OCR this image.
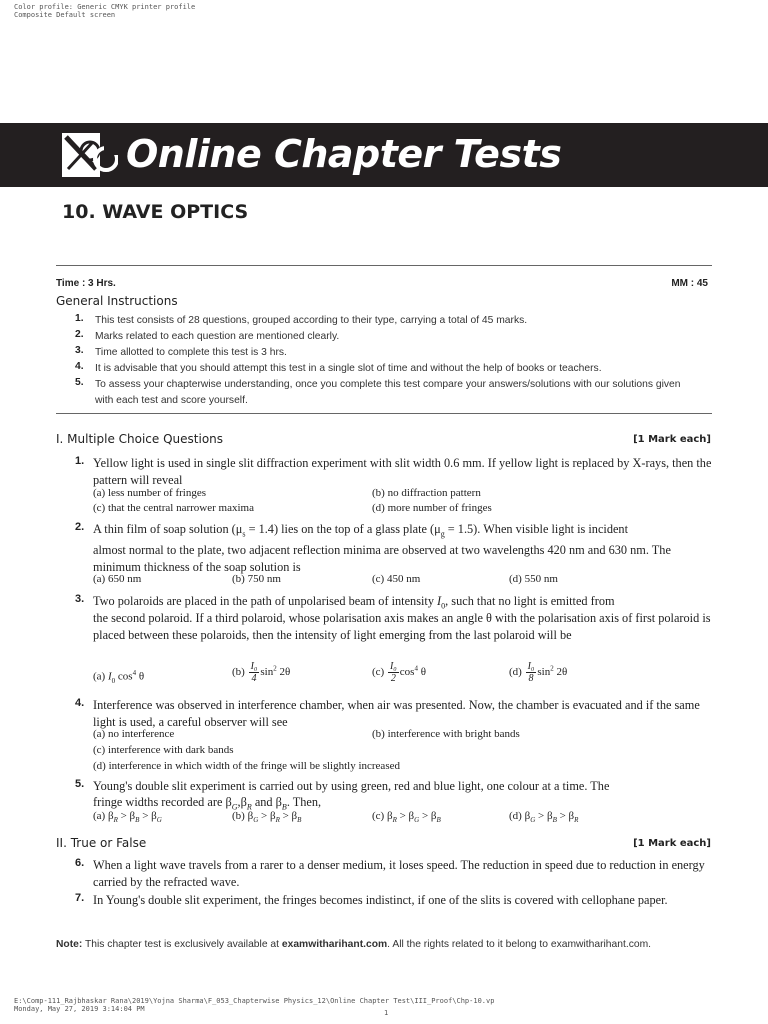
Color profile: Generic CMYK printer profile
Composite Default screen
Online Chapter Tests
10. WAVE OPTICS
Time : 3 Hrs.	MM : 45
General Instructions
1. This test consists of 28 questions, grouped according to their type, carrying a total of 45 marks.
2. Marks related to each question are mentioned clearly.
3. Time allotted to complete this test is 3 hrs.
4. It is advisable that you should attempt this test in a single slot of time and without the help of books or teachers.
5. To assess your chapterwise understanding, once you complete this test compare your answers/solutions with our solutions given with each test and score yourself.
I. Multiple Choice Questions	[1 Mark each]
1. Yellow light is used in single slit diffraction experiment with slit width 0.6 mm. If yellow light is replaced by X-rays, then the pattern will reveal
(a) less number of fringes	(b) no diffraction pattern
(c) that the central narrower maxima	(d) more number of fringes
2. A thin film of soap solution $(\mu_s = 1.4)$ lies on the top of a glass plate $(\mu_g = 1.5)$. When visible light is incident
almost normal to the plate, two adjacent reflection minima are observed at two wavelengths 420 nm and 630 nm. The minimum thickness of the soap solution is
(a) 650 nm	(b) 750 nm	(c) 450 nm	(d) 550 nm
3. Two polaroids are placed in the path of unpolarised beam of intensity $I_0$, such that no light is emitted from
the second polaroid. If a third polaroid, whose polarisation axis makes an angle θ with the polarisation axis of first polaroid is placed between these polaroids, then the intensity of light emerging from the last polaroid will be
(a) $I_0$ $\cos^4 \theta$	$(b) \frac{\text{I₀}}{4} \sin^2 2\theta$	$(c) \frac{\text{I₀}}{2} \cos^4 \theta$	$(d) \frac{\text{I₀}}{8} \sin^2 2\theta$
4. Interference was observed in interference chamber, when air was presented. Now, the chamber is evacuated and if the same light is used, a careful observer will see
(a) no interference	(b) interference with bright bands
(c) interference with dark bands
(d) interference in which width of the fringe will be slightly increased
5. Young's double slit experiment is carried out by using green, red and blue light, one colour at a time. The
fringe widths recorded are $\beta_G,\beta_R$ and $\beta_B$. Then,
(a) $\beta_R > \beta_B > \beta_G$	(b) $\beta_G > \beta_R > \beta_B$	(c) $\beta_R > \beta_G > \beta_B$	(d) $\beta_G > \beta_B > \beta_R$
II. True or False	[1 Mark each]
6. When a light wave travels from a rarer to a denser medium, it loses speed. The reduction in speed due to reduction in energy carried by the refracted wave.
7. In Young's double slit experiment, the fringes becomes indistinct, if one of the slits is covered with cellophane paper.
Note: This chapter test is exclusively available at examwitharihant.com. All the rights related to it belong to examwitharihant.com.
E:\Comp-111_Rajbhaskar Rana\2019\Yojna Sharma\F_053_Chapterwise Physics_12\Online Chapter Test\III_Proof\Chp-10.vp
Monday, May 27, 2019 3:14:04 PM	1
